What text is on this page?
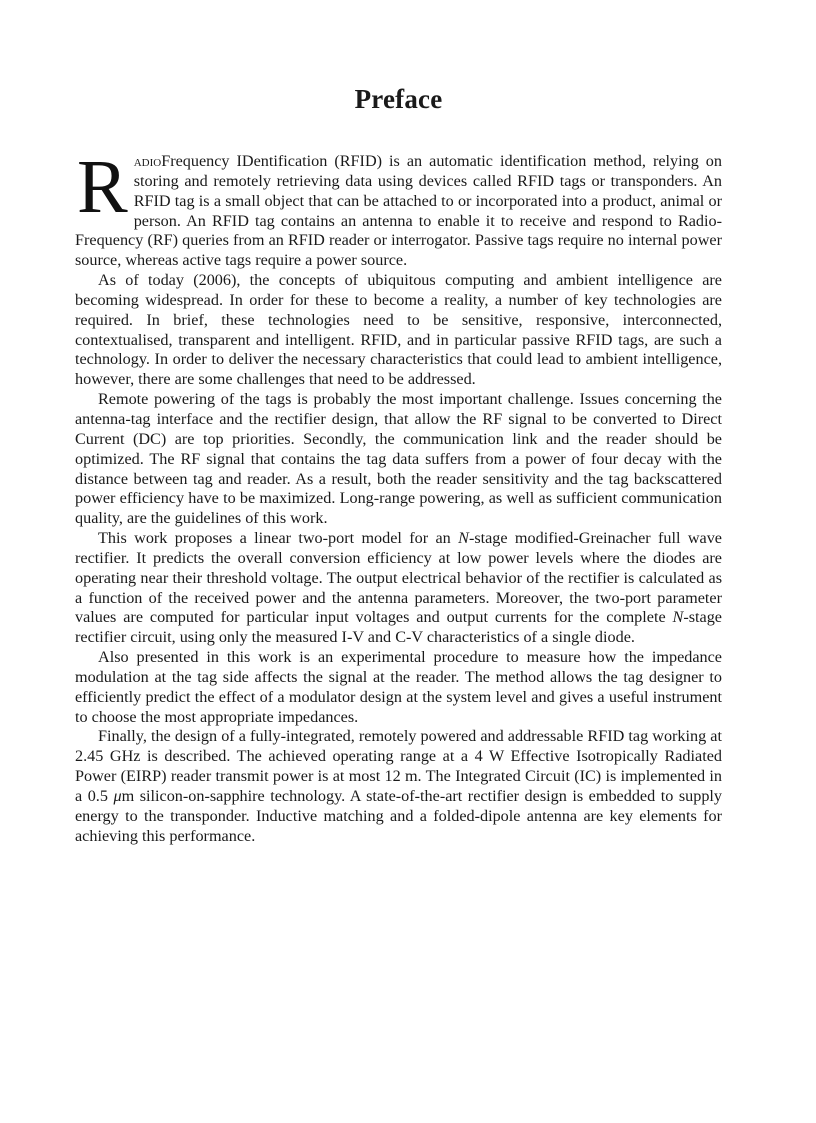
Preface

RadioFrequency IDentification (RFID) is an automatic identification method, relying on storing and remotely retrieving data using devices called RFID tags or transponders. An RFID tag is a small object that can be attached to or incorporated into a product, animal or person. An RFID tag contains an antenna to enable it to receive and respond to Radio-Frequency (RF) queries from an RFID reader or interrogator. Passive tags require no internal power source, whereas active tags require a power source.

As of today (2006), the concepts of ubiquitous computing and ambient intelligence are becoming widespread. In order for these to become a reality, a number of key technologies are required. In brief, these technologies need to be sensitive, responsive, interconnected, contextualised, transparent and intelligent. RFID, and in particular passive RFID tags, are such a technology. In order to deliver the necessary characteristics that could lead to ambient intelligence, however, there are some challenges that need to be addressed.

Remote powering of the tags is probably the most important challenge. Issues concerning the antenna-tag interface and the rectifier design, that allow the RF signal to be converted to Direct Current (DC) are top priorities. Secondly, the communication link and the reader should be optimized. The RF signal that contains the tag data suffers from a power of four decay with the distance between tag and reader. As a result, both the reader sensitivity and the tag backscattered power efficiency have to be maximized. Long-range powering, as well as sufficient communication quality, are the guidelines of this work.

This work proposes a linear two-port model for an N-stage modified-Greinacher full wave rectifier. It predicts the overall conversion efficiency at low power levels where the diodes are operating near their threshold voltage. The output electrical behavior of the rectifier is calculated as a function of the received power and the antenna parameters. Moreover, the two-port parameter values are computed for particular input voltages and output currents for the complete N-stage rectifier circuit, using only the measured I-V and C-V characteristics of a single diode.

Also presented in this work is an experimental procedure to measure how the impedance modulation at the tag side affects the signal at the reader. The method allows the tag designer to efficiently predict the effect of a modulator design at the system level and gives a useful instrument to choose the most appropriate impedances.

Finally, the design of a fully-integrated, remotely powered and addressable RFID tag working at 2.45 GHz is described. The achieved operating range at a 4 W Effective Isotropically Radiated Power (EIRP) reader transmit power is at most 12 m. The Integrated Circuit (IC) is implemented in a 0.5 μm silicon-on-sapphire technology. A state-of-the-art rectifier design is embedded to supply energy to the transponder. Inductive matching and a folded-dipole antenna are key elements for achieving this performance.
